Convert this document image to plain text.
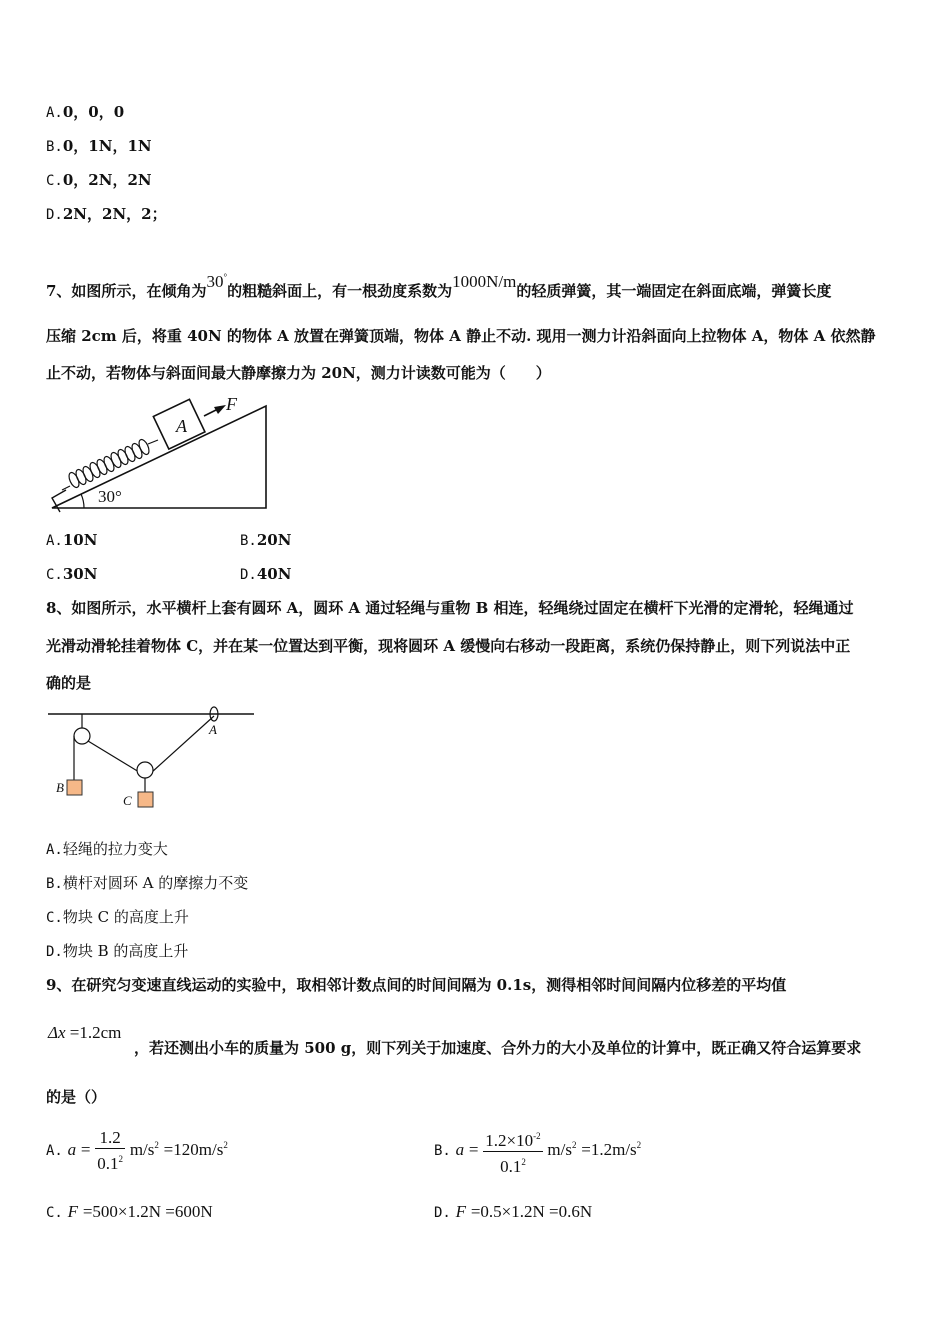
A.0，0，0
B.0，1N，1N
C.0，2N，2N
D.2N，2N，2；
7、如图所示，在倾角为30°的粗糙斜面上，有一根劲度系数为1000N/m的轻质弹簧，其一端固定在斜面底端，弹簧长度
压缩 2cm 后，将重 40N 的物体 A 放置在弹簧顶端，物体 A 静止不动. 现用一测力计沿斜面向上拉物体 A，物体 A 依然静
止不动，若物体与斜面间最大静摩擦力为 20N，测力计读数可能为（　　）
A
F
30°
A.10N	B.20N
C.30N	D.40N
8、如图所示，水平横杆上套有圆环 A，圆环 A 通过轻绳与重物 B 相连，轻绳绕过固定在横杆下光滑的定滑轮，轻绳通过
光滑动滑轮挂着物体 C，并在某一位置达到平衡，现将圆环 A 缓慢向右移动一段距离，系统仍保持静止，则下列说法中正
确的是
B
C
A
A.轻绳的拉力变大
B.横杆对圆环 A 的摩擦力不变
C.物块 C 的高度上升
D.物块 B 的高度上升
9、在研究匀变速直线运动的实验中，取相邻计数点间的时间间隔为 0.1s，测得相邻时间间隔内位移差的平均值
Δx =1.2cm
，若还测出小车的质量为 500 g，则下列关于加速度、合外力的大小及单位的计算中，既正确又符合运算要求
的是（）
A. $a = \frac{1.2}{0.1^2} m/s^2 =120m/s^2$	B. $a = \frac{1.2\times 10^{-2}}{0.1^2} m/s^2 =1.2m/s^2$
C. F =500×1.2N =600N	D. F =0.5×1.2N =0.6N
